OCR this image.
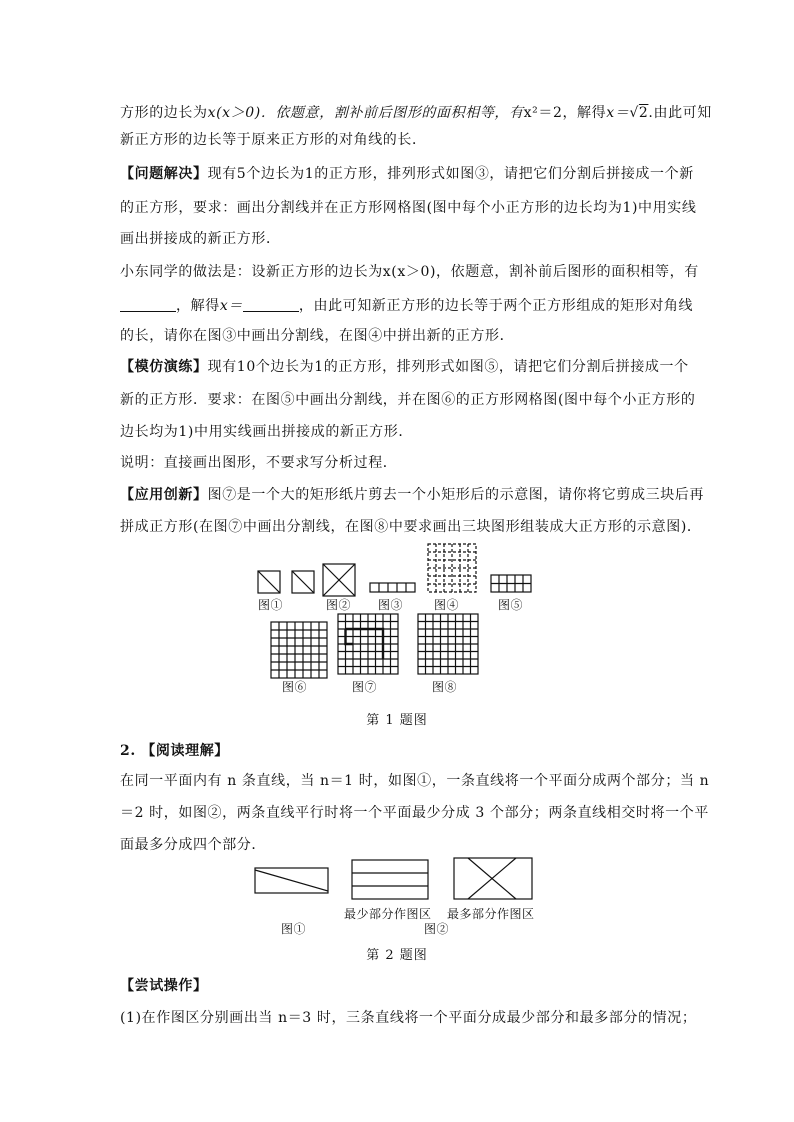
方形的边长为x(x＞0)．依题意，割补前后图形的面积相等，有x²＝2，解得x＝√2.由此可知
新正方形的边长等于原来正方形的对角线的长．
【问题解决】现有5个边长为1的正方形，排列形式如图③，请把它们分割后拼接成一个新
的正方形，要求：画出分割线并在正方形网格图(图中每个小正方形的边长均为1)中用实线
画出拼接成的新正方形．
小东同学的做法是：设新正方形的边长为x(x＞0)，依题意，割补前后图形的面积相等，有
，解得x＝	，由此可知新正方形的边长等于两个正方形组成的矩形对角线
的长，请你在图③中画出分割线，在图④中拼出新的正方形．
【模仿演练】现有10个边长为1的正方形，排列形式如图⑤，请把它们分割后拼接成一个
新的正方形．要求：在图⑤中画出分割线，并在图⑥的正方形网格图(图中每个小正方形的
边长均为1)中用实线画出拼接成的新正方形．
说明：直接画出图形，不要求写分析过程．
【应用创新】图⑦是一个大的矩形纸片剪去一个小矩形后的示意图，请你将它剪成三块后再
拼成正方形(在图⑦中画出分割线，在图⑧中要求画出三块图形组装成大正方形的示意图)．
图①	图② 图③	图④	图⑤
图⑥	图⑦	图⑧
第 1 题图
2. 【阅读理解】
在同一平面内有 n 条直线，当 n＝1 时，如图①，一条直线将一个平面分成两个部分；当 n
＝2 时，如图②，两条直线平行时将一个平面最少分成 3 个部分；两条直线相交时将一个平
面最多分成四个部分．
最少部分作图区 最多部分作图区
图①	图②
第 2 题图
【尝试操作】
(1)在作图区分别画出当 n＝3 时，三条直线将一个平面分成最少部分和最多部分的情况；
